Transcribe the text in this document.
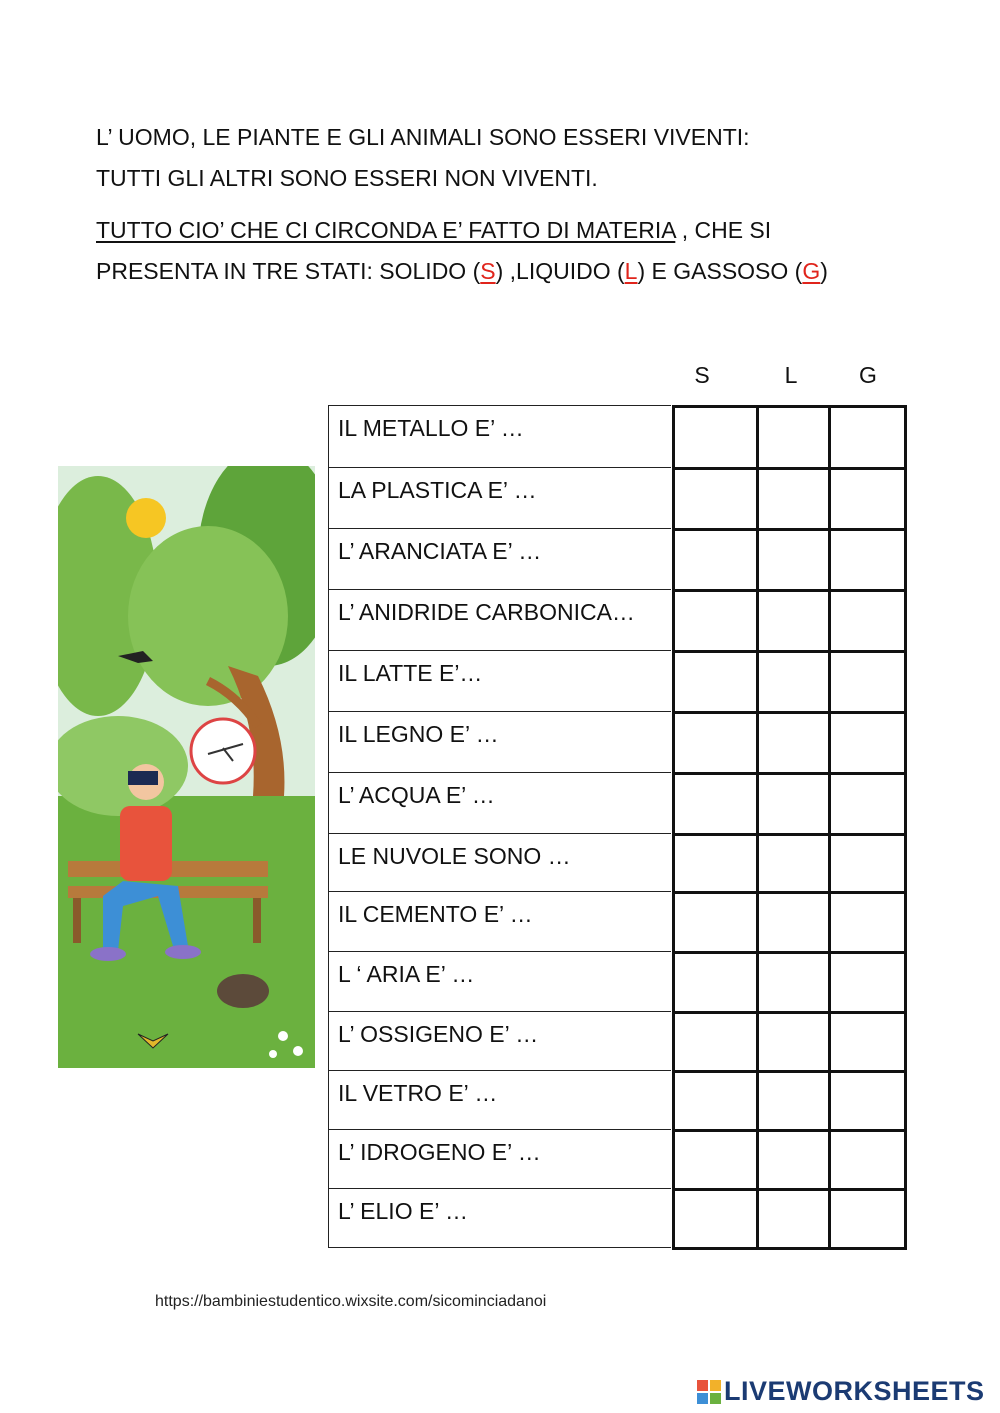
L’ UOMO, LE PIANTE E GLI ANIMALI SONO ESSERI VIVENTI:
TUTTI GLI ALTRI SONO ESSERI NON VIVENTI.
TUTTO CIO’ CHE CI CIRCONDA E’ FATTO DI MATERIA , CHE SI
PRESENTA IN TRE STATI: SOLIDO (S) ,LIQUIDO (L) E GASSOSO (G)
S	L	G
IL METALLO E’ …
LA PLASTICA E’ …
L’ ARANCIATA E’ …
L’ ANIDRIDE CARBONICA…
IL LATTE E’…
IL LEGNO E’ …
L’ ACQUA E’ …
LE NUVOLE SONO …
IL CEMENTO E’ …
L ‘ ARIA E’ …
L’ OSSIGENO E’ …
IL VETRO E’ …
L’ IDROGENO E’ …
L’ ELIO E’ …

https://bambiniestudentico.wixsite.com/sicominciadanoi
LIVEWORKSHEETS
